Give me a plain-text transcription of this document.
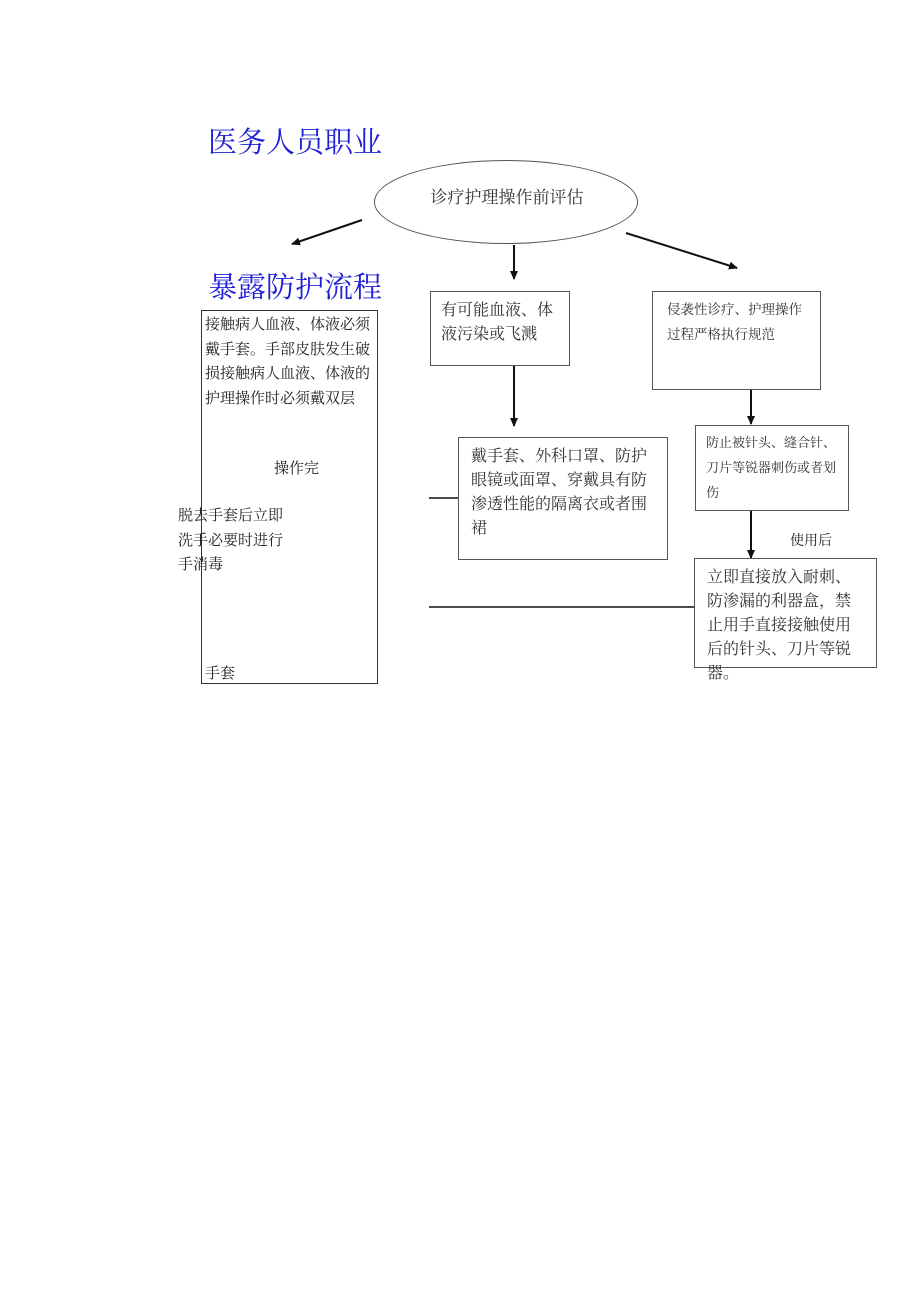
医务人员职业
暴露防护流程
诊疗护理操作前评估
接触病人血液、体液必须戴手套。手部皮肤发生破损接触病人血液、体液的护理操作时必须戴双层
操作完
脱去手套后立即
洗手必要时进行
手消毒
手套
有可能血液、体液污染或飞溅
戴手套、外科口罩、防护眼镜或面罩、穿戴具有防渗透性能的隔离衣或者围裙
侵袭性诊疗、护理操作过程严格执行规范
防止被针头、缝合针、刀片等锐器刺伤或者划伤
使用后
立即直接放入耐刺、防渗漏的利器盒，禁止用手直接接触使用后的针头、刀片等锐器。
